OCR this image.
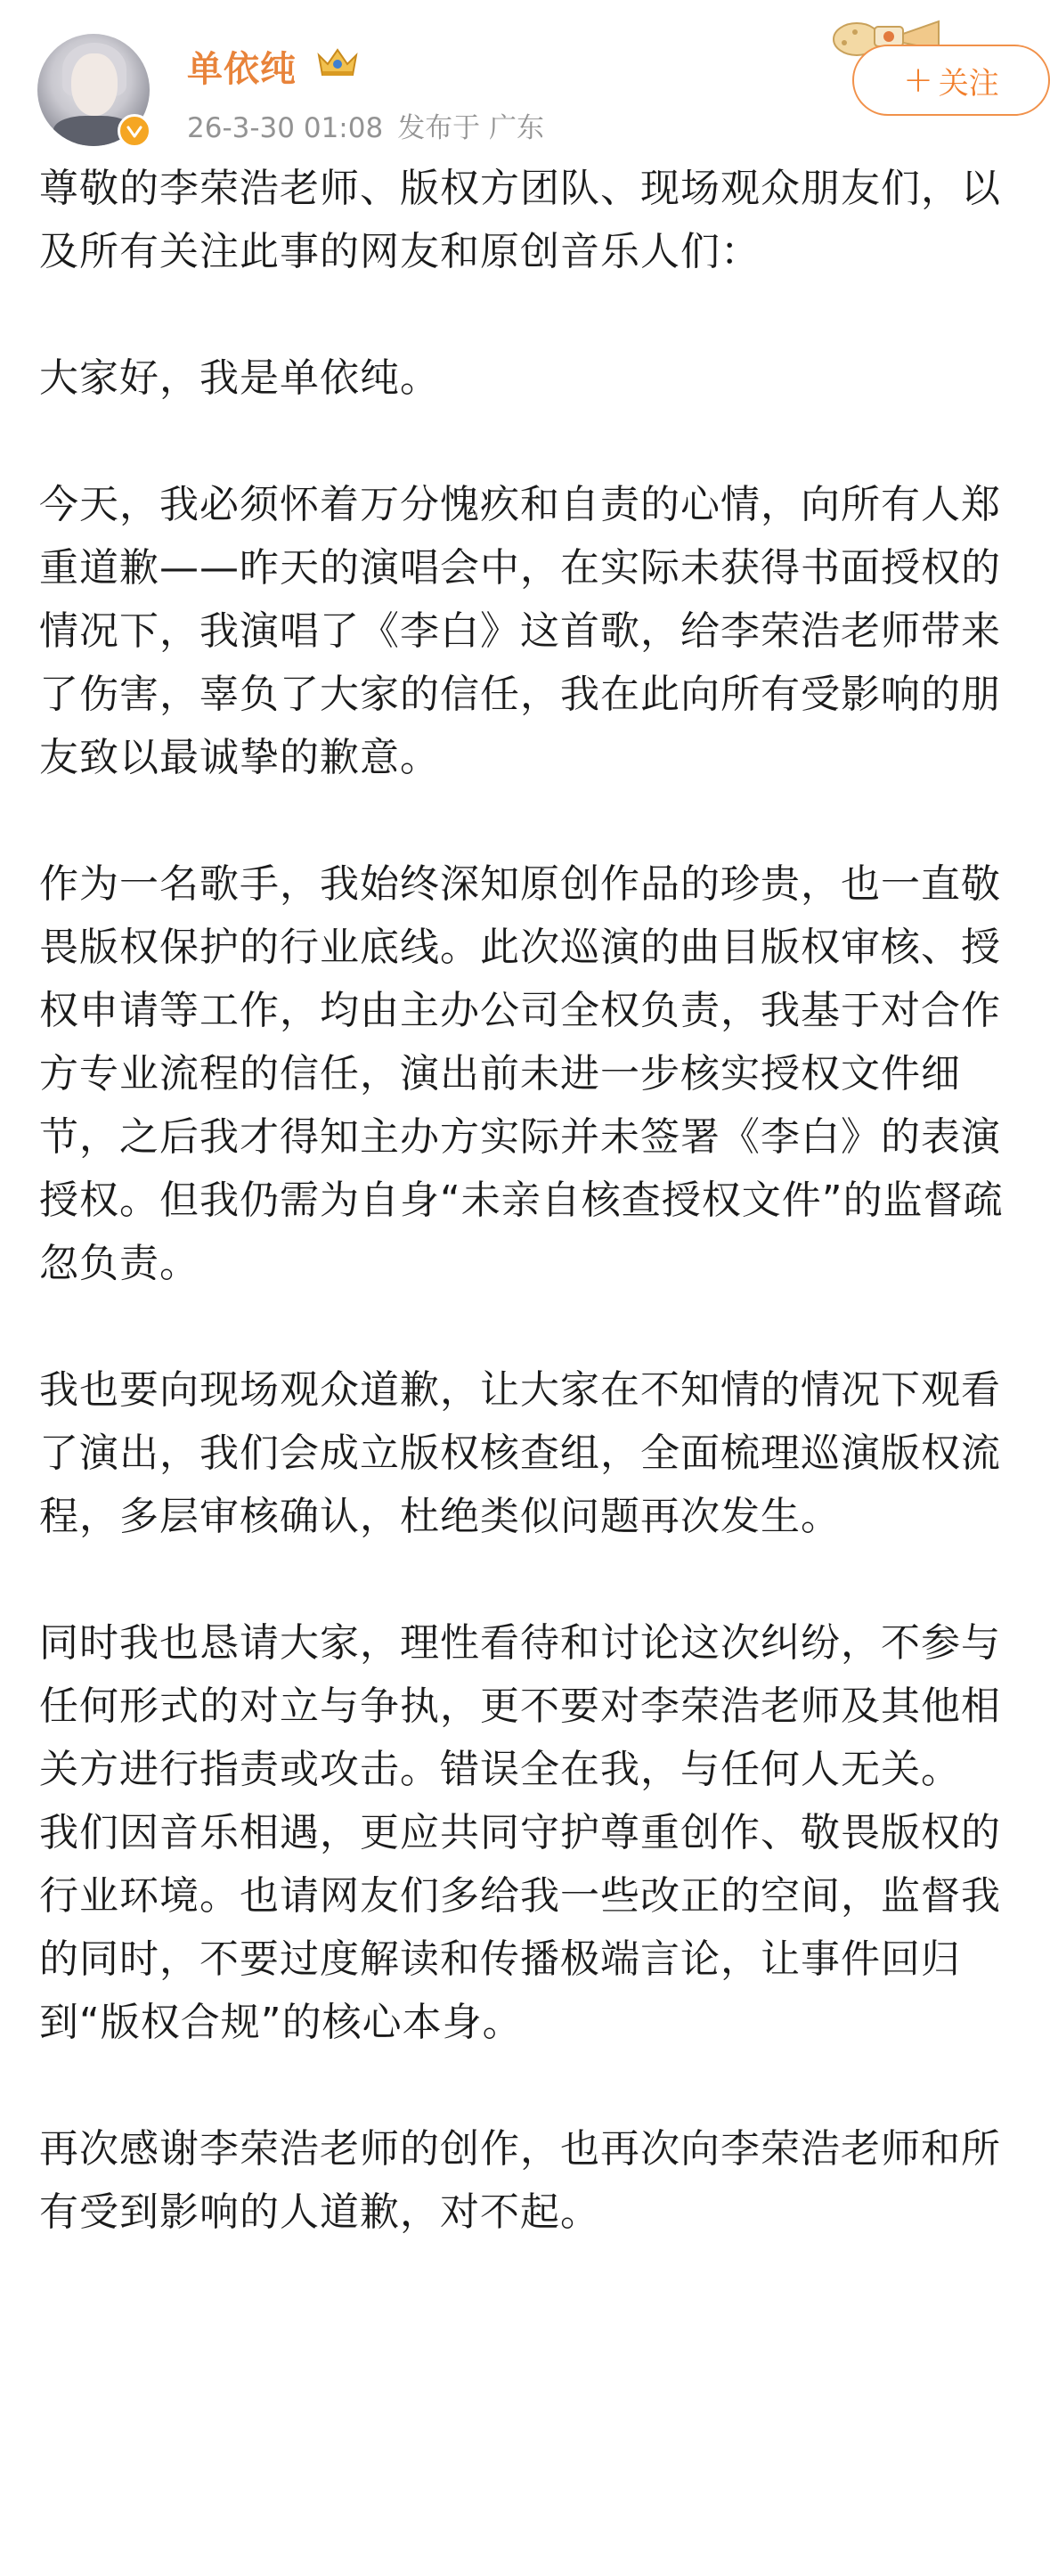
单依纯
26-3-30 01:08 发布于 广东
+ 关注

尊敬的李荣浩老师、版权方团队、现场观众朋友们，以及所有关注此事的网友和原创音乐人们：

大家好，我是单依纯。

今天，我必须怀着万分愧疚和自责的心情，向所有人郑重道歉——昨天的演唱会中，在实际未获得书面授权的情况下，我演唱了《李白》这首歌，给李荣浩老师带来了伤害，辜负了大家的信任，我在此向所有受影响的朋友致以最诚挚的歉意。

作为一名歌手，我始终深知原创作品的珍贵，也一直敬畏版权保护的行业底线。此次巡演的曲目版权审核、授权申请等工作，均由主办公司全权负责，我基于对合作方专业流程的信任，演出前未进一步核实授权文件细节，之后我才得知主办方实际并未签署《李白》的表演授权。但我仍需为自身“未亲自核查授权文件”的监督疏忽负责。

我也要向现场观众道歉，让大家在不知情的情况下观看了演出，我们会成立版权核查组，全面梳理巡演版权流程，多层审核确认，杜绝类似问题再次发生。

同时我也恳请大家，理性看待和讨论这次纠纷，不参与任何形式的对立与争执，更不要对李荣浩老师及其他相关方进行指责或攻击。错误全在我，与任何人无关。

我们因音乐相遇，更应共同守护尊重创作、敬畏版权的行业环境。也请网友们多给我一些改正的空间，监督我的同时，不要过度解读和传播极端言论，让事件回归到“版权合规”的核心本身。

再次感谢李荣浩老师的创作，也再次向李荣浩老师和所有受到影响的人道歉，对不起。
